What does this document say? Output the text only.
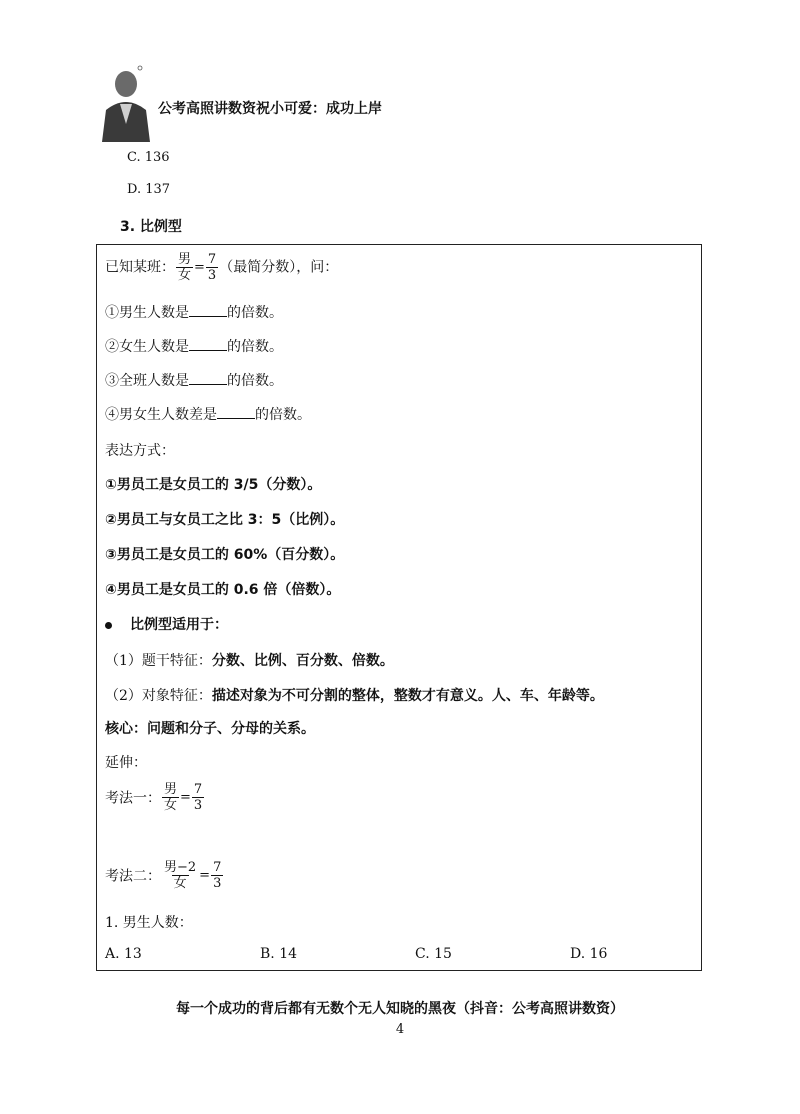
公考高照讲数资祝小可爱：成功上岸
C. 136
D. 137
3. 比例型
已知某班： $\frac{\text{男}}{\text{女}} = \frac{7}{3}$ （最简分数），问：
①男生人数是	的倍数。
②女生人数是	的倍数。
③全班人数是	的倍数。
④男女生人数差是	的倍数。
表达方式：
①男员工是女员工的 3/5（分数）。
②男员工与女员工之比 3：5（比例）。
③男员工是女员工的 60%（百分数）。
④男员工是女员工的 0.6 倍（倍数）。
比例型适用于：
（1）题干特征：分数、比例、百分数、倍数。
（2）对象特征：描述对象为不可分割的整体，整数才有意义。人、车、年龄等。
核心：问题和分子、分母的关系。
延伸：
考法一： $\frac{\text{男}}{\text{女}} = \frac{7}{3}$
考法二： $\frac{\text{男−2}}{\text{女}} = \frac{7}{3}$
1. 男生人数：
A. 13	B. 14	C. 15	D. 16
每一个成功的背后都有无数个无人知晓的黑夜（抖音：公考高照讲数资）
4
